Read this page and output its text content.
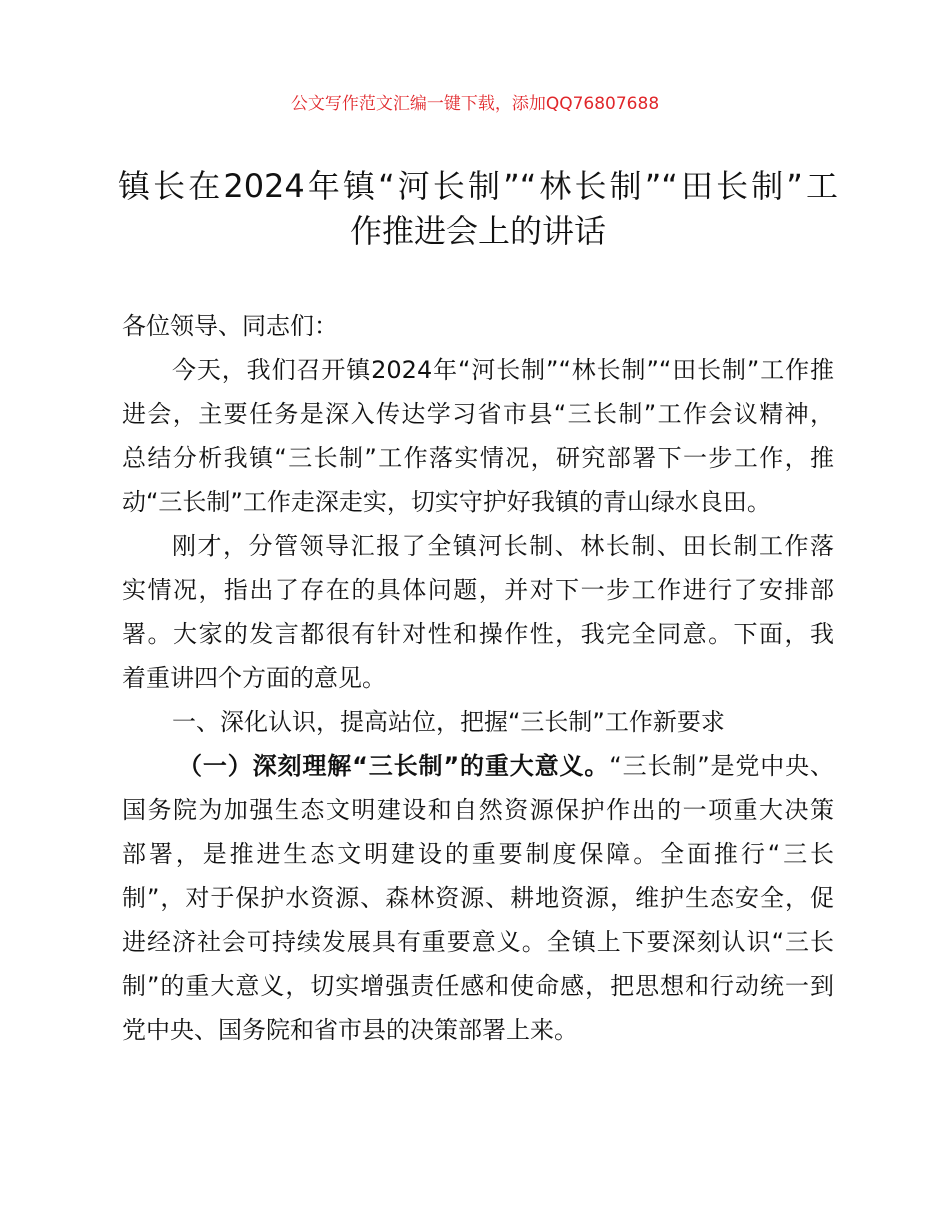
公文写作范文汇编一键下载，添加QQ76807688
镇长在2024年镇“河长制”“林长制”“田长制”工
作推进会上的讲话
各位领导、同志们：
今天，我们召开镇2024年“河长制”“林长制”“田长制”工作推
进会，主要任务是深入传达学习省市县“三长制”工作会议精神，
总结分析我镇“三长制”工作落实情况，研究部署下一步工作，推
动“三长制”工作走深走实，切实守护好我镇的青山绿水良田。
刚才，分管领导汇报了全镇河长制、林长制、田长制工作落
实情况，指出了存在的具体问题，并对下一步工作进行了安排部
署。大家的发言都很有针对性和操作性，我完全同意。下面，我
着重讲四个方面的意见。
一、深化认识，提高站位，把握“三长制”工作新要求
（一）深刻理解“三长制”的重大意义。“三长制”是党中央、
国务院为加强生态文明建设和自然资源保护作出的一项重大决策
部署，是推进生态文明建设的重要制度保障。全面推行“三长
制”，对于保护水资源、森林资源、耕地资源，维护生态安全，促
进经济社会可持续发展具有重要意义。全镇上下要深刻认识“三长
制”的重大意义，切实增强责任感和使命感，把思想和行动统一到
党中央、国务院和省市县的决策部署上来。
